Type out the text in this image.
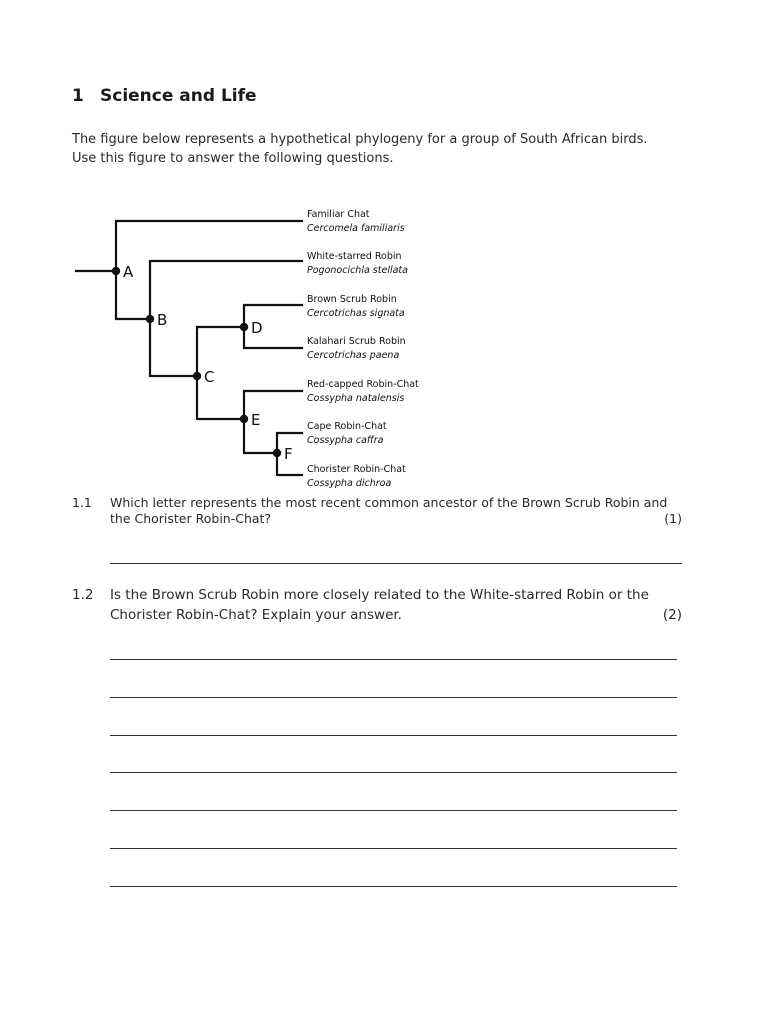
1 Science and Life

The figure below represents a hypothetical phylogeny for a group of South African birds.

Use this figure to answer the following questions.

A
B
C
D
E
F
Familiar Chat
Cercomela familiaris
White-starred Robin
Pogonocichla stellata
Brown Scrub Robin
Cercotrichas signata
Kalahari Scrub Robin
Cercotrichas paena
Red-capped Robin-Chat
Cossypha natalensis
Cape Robin-Chat
Cossypha caffra
Chorister Robin-Chat
Cossypha dichroa
1.1 Which letter represents the most recent common ancestor of the Brown Scrub Robin and
the Chorister Robin-Chat?	(1)
1.2 Is the Brown Scrub Robin more closely related to the White-starred Robin or the
Chorister Robin-Chat? Explain your answer.	(2)
